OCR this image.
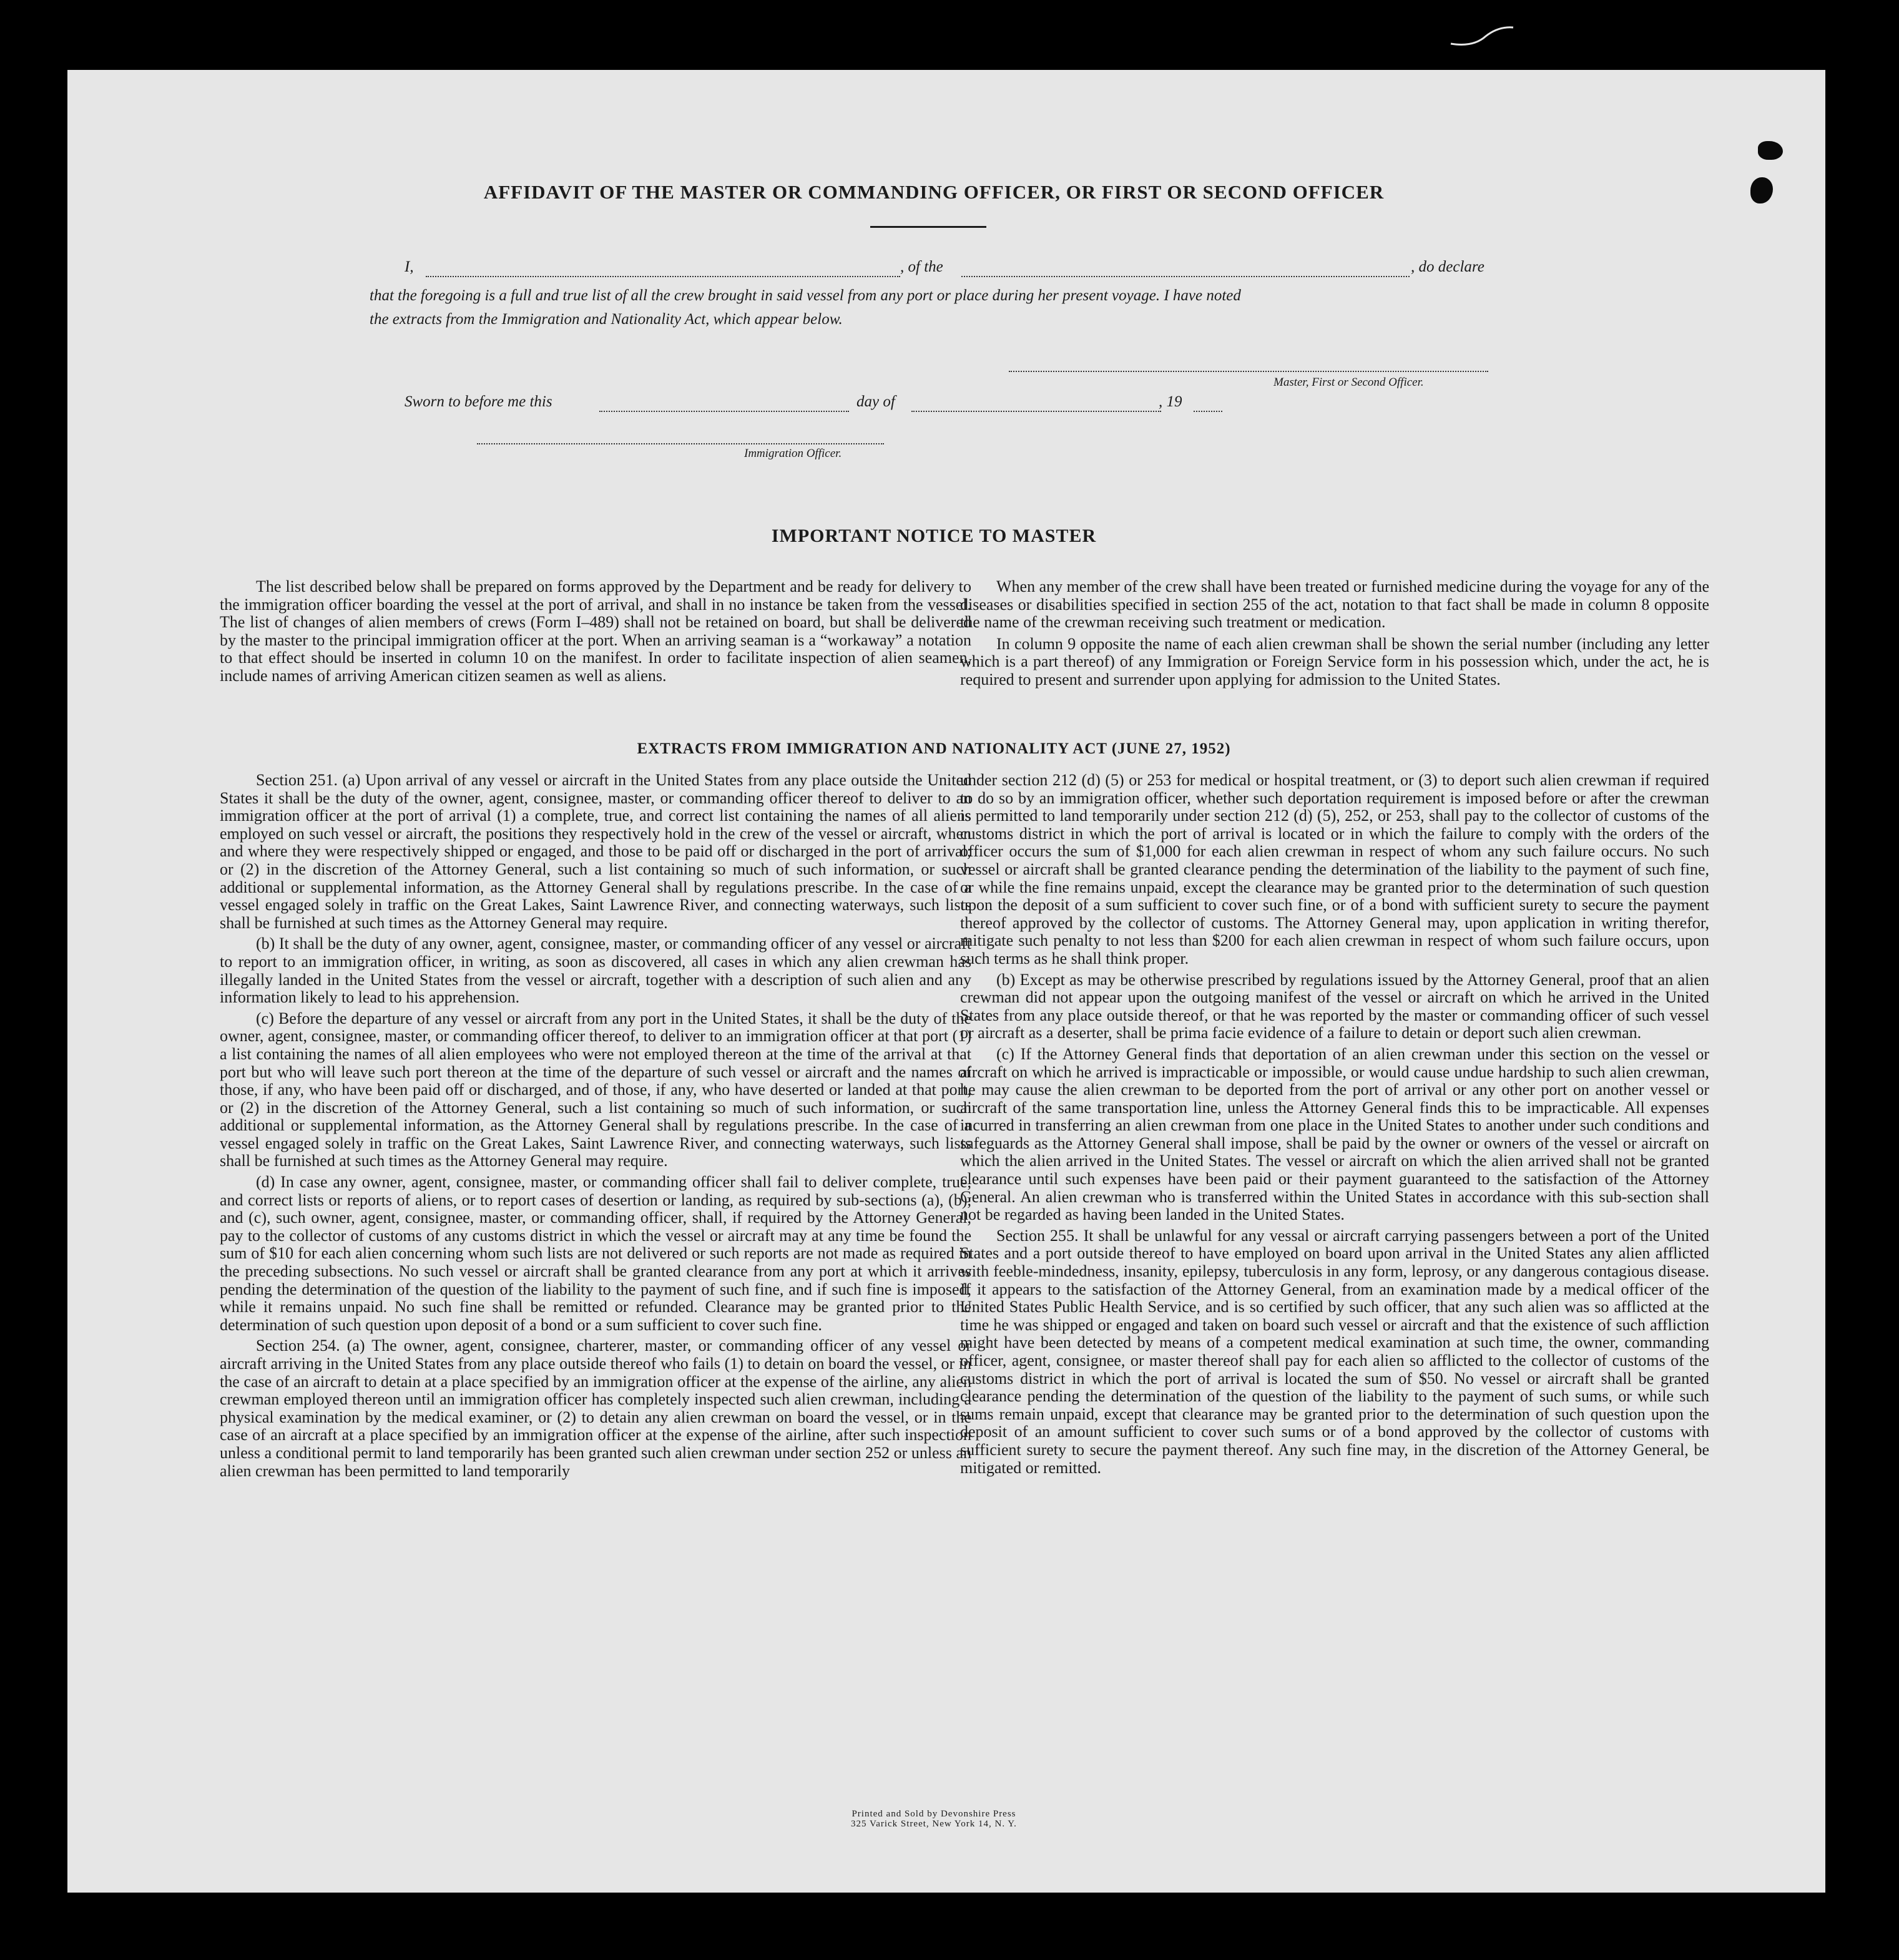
AFFIDAVIT OF THE MASTER OR COMMANDING OFFICER, OR FIRST OR SECOND OFFICER
I,	, of the	, do declare
that the foregoing is a full and true list of all the crew brought in said vessel from any port or place during her present voyage. I have noted
the extracts from the Immigration and Nationality Act, which appear below.
Master, First or Second Officer.
Sworn to before me this	day of	, 19
Immigration Officer.
IMPORTANT NOTICE TO MASTER

The list described below shall be prepared on forms approved by the Department and be ready for delivery to the immigration officer boarding the vessel at the port of arrival, and shall in no instance be taken from the vessel. The list of changes of alien members of crews (Form I–489) shall not be retained on board, but shall be delivered by the master to the principal immigration officer at the port. When an arriving seaman is a “workaway” a notation to that effect should be inserted in column 10 on the manifest. In order to facilitate inspection of alien seamen, include names of arriving American citizen seamen as well as aliens.

When any member of the crew shall have been treated or furnished medicine during the voyage for any of the diseases or disabilities specified in section 255 of the act, notation to that fact shall be made in column 8 opposite the name of the crewman receiving such treatment or medication.

In column 9 opposite the name of each alien crewman shall be shown the serial number (including any letter which is a part thereof) of any Immigration or Foreign Service form in his possession which, under the act, he is required to present and surrender upon applying for admission to the United States.

EXTRACTS FROM IMMIGRATION AND NATIONALITY ACT (JUNE 27, 1952)

Section 251. (a) Upon arrival of any vessel or aircraft in the United States from any place outside the United States it shall be the duty of the owner, agent, consignee, master, or commanding officer thereof to deliver to an immigration officer at the port of arrival (1) a complete, true, and correct list containing the names of all aliens employed on such vessel or aircraft, the positions they respectively hold in the crew of the vessel or aircraft, when and where they were respectively shipped or engaged, and those to be paid off or discharged in the port of arrival; or (2) in the discretion of the Attorney General, such a list containing so much of such information, or such additional or supplemental information, as the Attorney General shall by regulations prescribe. In the case of a vessel engaged solely in traffic on the Great Lakes, Saint Lawrence River, and connecting waterways, such lists shall be furnished at such times as the Attorney General may require.

(b) It shall be the duty of any owner, agent, consignee, master, or commanding officer of any vessel or aircraft to report to an immigration officer, in writing, as soon as discovered, all cases in which any alien crewman has illegally landed in the United States from the vessel or aircraft, together with a description of such alien and any information likely to lead to his apprehension.

(c) Before the departure of any vessel or aircraft from any port in the United States, it shall be the duty of the owner, agent, consignee, master, or commanding officer thereof, to deliver to an immigration officer at that port (1) a list containing the names of all alien employees who were not employed thereon at the time of the arrival at that port but who will leave such port thereon at the time of the departure of such vessel or aircraft and the names of those, if any, who have been paid off or discharged, and of those, if any, who have deserted or landed at that port, or (2) in the discretion of the Attorney General, such a list containing so much of such information, or such additional or supplemental information, as the Attorney General shall by regulations prescribe. In the case of a vessel engaged solely in traffic on the Great Lakes, Saint Lawrence River, and connecting waterways, such lists shall be furnished at such times as the Attorney General may require.

(d) In case any owner, agent, consignee, master, or commanding officer shall fail to deliver complete, true, and correct lists or reports of aliens, or to report cases of desertion or landing, as required by sub-sections (a), (b), and (c), such owner, agent, consignee, master, or commanding officer, shall, if required by the Attorney General, pay to the collector of customs of any customs district in which the vessel or aircraft may at any time be found the sum of $10 for each alien concerning whom such lists are not delivered or such reports are not made as required in the preceding subsections. No such vessel or aircraft shall be granted clearance from any port at which it arrives pending the determination of the question of the liability to the payment of such fine, and if such fine is imposed, while it remains unpaid. No such fine shall be remitted or refunded. Clearance may be granted prior to the determination of such question upon deposit of a bond or a sum sufficient to cover such fine.

Section 254. (a) The owner, agent, consignee, charterer, master, or commanding officer of any vessel or aircraft arriving in the United States from any place outside thereof who fails (1) to detain on board the vessel, or in the case of an aircraft to detain at a place specified by an immigration officer at the expense of the airline, any alien crewman employed thereon until an immigration officer has completely inspected such alien crewman, including a physical examination by the medical examiner, or (2) to detain any alien crewman on board the vessel, or in the case of an aircraft at a place specified by an immigration officer at the expense of the airline, after such inspection unless a conditional permit to land temporarily has been granted such alien crewman under section 252 or unless an alien crewman has been permitted to land temporarily

under section 212 (d) (5) or 253 for medical or hospital treatment, or (3) to deport such alien crewman if required to do so by an immigration officer, whether such deportation requirement is imposed before or after the crewman is permitted to land temporarily under section 212 (d) (5), 252, or 253, shall pay to the collector of customs of the customs district in which the port of arrival is located or in which the failure to comply with the orders of the officer occurs the sum of $1,000 for each alien crewman in respect of whom any such failure occurs. No such vessel or aircraft shall be granted clearance pending the determination of the liability to the payment of such fine, or while the fine remains unpaid, except the clearance may be granted prior to the determination of such question upon the deposit of a sum sufficient to cover such fine, or of a bond with sufficient surety to secure the payment thereof approved by the collector of customs. The Attorney General may, upon application in writing therefor, mitigate such penalty to not less than $200 for each alien crewman in respect of whom such failure occurs, upon such terms as he shall think proper.

(b) Except as may be otherwise prescribed by regulations issued by the Attorney General, proof that an alien crewman did not appear upon the outgoing manifest of the vessel or aircraft on which he arrived in the United States from any place outside thereof, or that he was reported by the master or commanding officer of such vessel or aircraft as a deserter, shall be prima facie evidence of a failure to detain or deport such alien crewman.

(c) If the Attorney General finds that deportation of an alien crewman under this section on the vessel or aircraft on which he arrived is impracticable or impossible, or would cause undue hardship to such alien crewman, he may cause the alien crewman to be deported from the port of arrival or any other port on another vessel or aircraft of the same transportation line, unless the Attorney General finds this to be impracticable. All expenses incurred in transferring an alien crewman from one place in the United States to another under such conditions and safeguards as the Attorney General shall impose, shall be paid by the owner or owners of the vessel or aircraft on which the alien arrived in the United States. The vessel or aircraft on which the alien arrived shall not be granted clearance until such expenses have been paid or their payment guaranteed to the satisfaction of the Attorney General. An alien crewman who is transferred within the United States in accordance with this sub-section shall not be regarded as having been landed in the United States.

Section 255. It shall be unlawful for any vessal or aircraft carrying passengers between a port of the United States and a port outside thereof to have employed on board upon arrival in the United States any alien afflicted with feeble-mindedness, insanity, epilepsy, tuberculosis in any form, leprosy, or any dangerous contagious disease. If it appears to the satisfaction of the Attorney General, from an examination made by a medical officer of the United States Public Health Service, and is so certified by such officer, that any such alien was so afflicted at the time he was shipped or engaged and taken on board such vessel or aircraft and that the existence of such affliction might have been detected by means of a competent medical examination at such time, the owner, commanding officer, agent, consignee, or master thereof shall pay for each alien so afflicted to the collector of customs of the customs district in which the port of arrival is located the sum of $50. No vessel or aircraft shall be granted clearance pending the determination of the question of the liability to the payment of such sums, or while such sums remain unpaid, except that clearance may be granted prior to the determination of such question upon the deposit of an amount sufficient to cover such sums or of a bond approved by the collector of customs with sufficient surety to secure the payment thereof. Any such fine may, in the discretion of the Attorney General, be mitigated or remitted.

Printed and Sold by Devonshire Press
325 Varick Street, New York 14, N. Y.
